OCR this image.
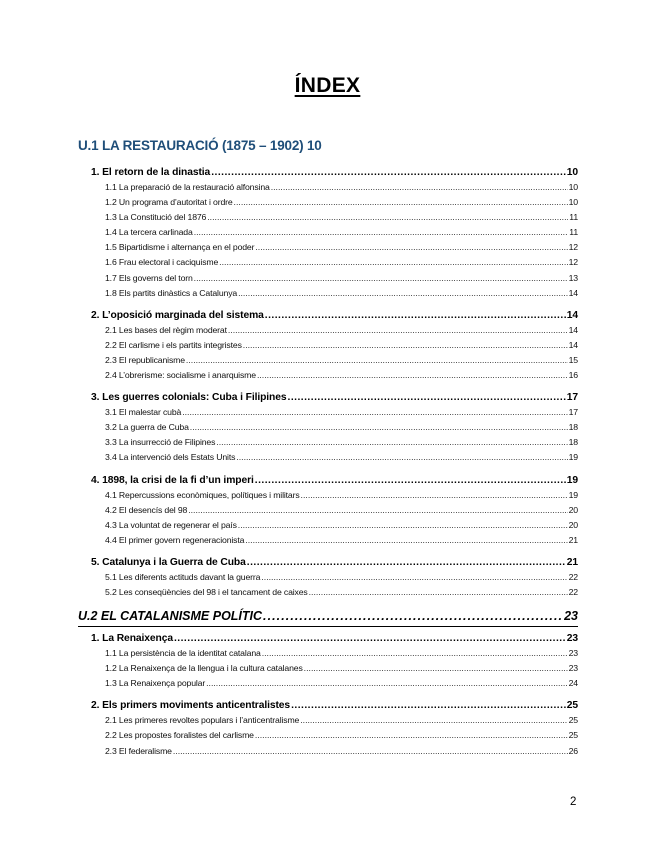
ÍNDEX
U.1 LA RESTAURACIÓ (1875 – 1902) 10
1. El retorn de la dinastia . . .	10
1.1 La preparació de la restauració alfonsina . . .	10
1.2 Un programa d’autoritat i ordre . . .	10
1.3 La Constitució del 1876 . . .	11
1.4 La tercera carlinada . . .	11
1.5 Bipartidisme i alternança en el poder . . .	12
1.6 Frau electoral i caciquisme . . .	12
1.7 Els governs del torn . . .	13
1.8 Els partits dinàstics a Catalunya . . .	14
2. L’oposició marginada del sistema . . .	14
2.1 Les bases del règim moderat . . .	14
2.2 El carlisme i els partits integristes . . .	14
2.3 El republicanisme . . .	15
2.4 L’obrerisme: socialisme i anarquisme . . .	16
3. Les guerres colonials: Cuba i Filipines . . .	17
3.1 El malestar cubà . . .	17
3.2 La guerra de Cuba . . .	18
3.3 La insurrecció de Filipines . . .	18
3.4 La intervenció dels Estats Units . . .	19
4. 1898, la crisi de la fi d’un imperi . . .	19
4.1 Repercussions econòmiques, polítiques i militars . . .	19
4.2 El desencís del 98 . . .	20
4.3 La voluntat de regenerar el país . . .	20
4.4 El primer govern regeneracionista . . .	21
5. Catalunya i la Guerra de Cuba . . .	21
5.1 Les diferents actituds davant la guerra . . .	22
5.2 Les conseqüències del 98 i el tancament de caixes . . .	22
U.2 EL CATALANISME POLÍTIC . . .	23
1. La Renaixença . . .	23
1.1 La persistència de la identitat catalana . . .	23
1.2 La Renaixença de la llengua i la cultura catalanes . . .	23
1.3 La Renaixença popular . . .	24
2. Els primers moviments anticentralistes . . .	25
2.1 Les primeres revoltes populars i l’anticentralisme . . .	25
2.2 Les propostes foralistes del carlisme . . .	25
2.3 El federalisme . . .	26
2
